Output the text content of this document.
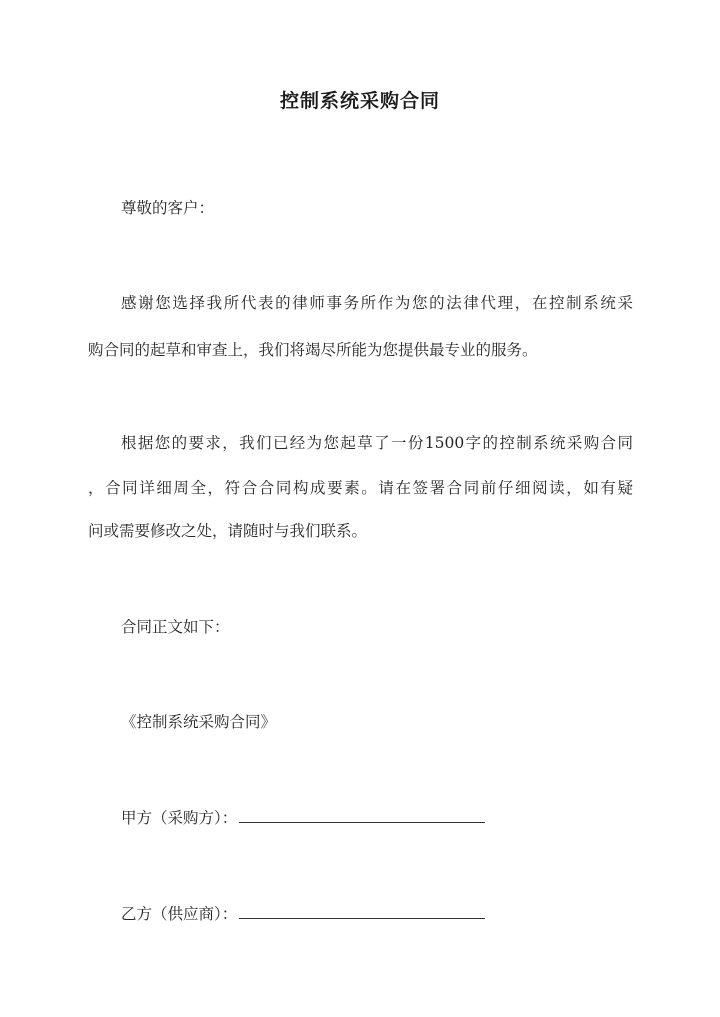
控制系统采购合同
尊敬的客户：
感谢您选择我所代表的律师事务所作为您的法律代理，在控制系统采
购合同的起草和审查上，我们将竭尽所能为您提供最专业的服务。
根据您的要求，我们已经为您起草了一份1500字的控制系统采购合同
，合同详细周全，符合合同构成要素。请在签署合同前仔细阅读，如有疑
问或需要修改之处，请随时与我们联系。
合同正文如下：
《控制系统采购合同》
甲方（采购方）：
乙方（供应商）：
